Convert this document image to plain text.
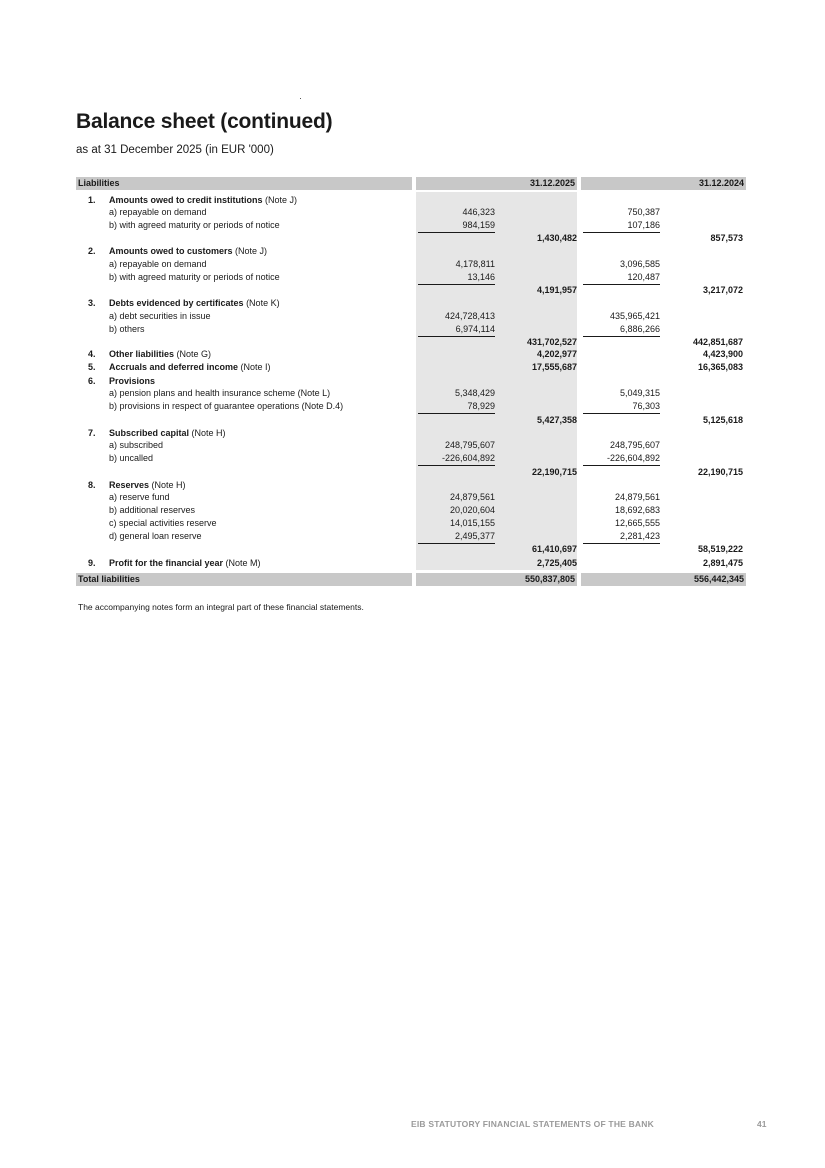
Balance sheet (continued)

as at 31 December 2025 (in EUR '000)

Liabilities	31.12.2025	31.12.2024
1.	Amounts owed to credit institutions (Note J)
a) repayable on demand	446,323	750,387
b) with agreed maturity or periods of notice	984,159	107,186
1,430,482	857,573
2.	Amounts owed to customers (Note J)
a) repayable on demand	4,178,811	3,096,585
b) with agreed maturity or periods of notice	13,146	120,487
4,191,957	3,217,072
3.	Debts evidenced by certificates (Note K)
a) debt securities in issue	424,728,413	435,965,421
b) others	6,974,114	6,886,266
431,702,527	442,851,687
4.	Other liabilities (Note G)	4,202,977	4,423,900
5.	Accruals and deferred income (Note I)	17,555,687	16,365,083
6.	Provisions
a) pension plans and health insurance scheme (Note L)	5,348,429	5,049,315
b) provisions in respect of guarantee operations (Note D.4)	78,929	76,303
5,427,358	5,125,618
7.	Subscribed capital (Note H)
a) subscribed	248,795,607	248,795,607
b) uncalled	-226,604,892	-226,604,892
22,190,715	22,190,715
8.	Reserves (Note H)
a) reserve fund	24,879,561	24,879,561
b) additional reserves	20,020,604	18,692,683
c) special activities reserve	14,015,155	12,665,555
d) general loan reserve	2,495,377	2,281,423
61,410,697	58,519,222
9.	Profit for the financial year (Note M)	2,725,405	2,891,475
Total liabilities	550,837,805	556,442,345
The accompanying notes form an integral part of these financial statements.
EIB STATUTORY FINANCIAL STATEMENTS OF THE BANK	41
